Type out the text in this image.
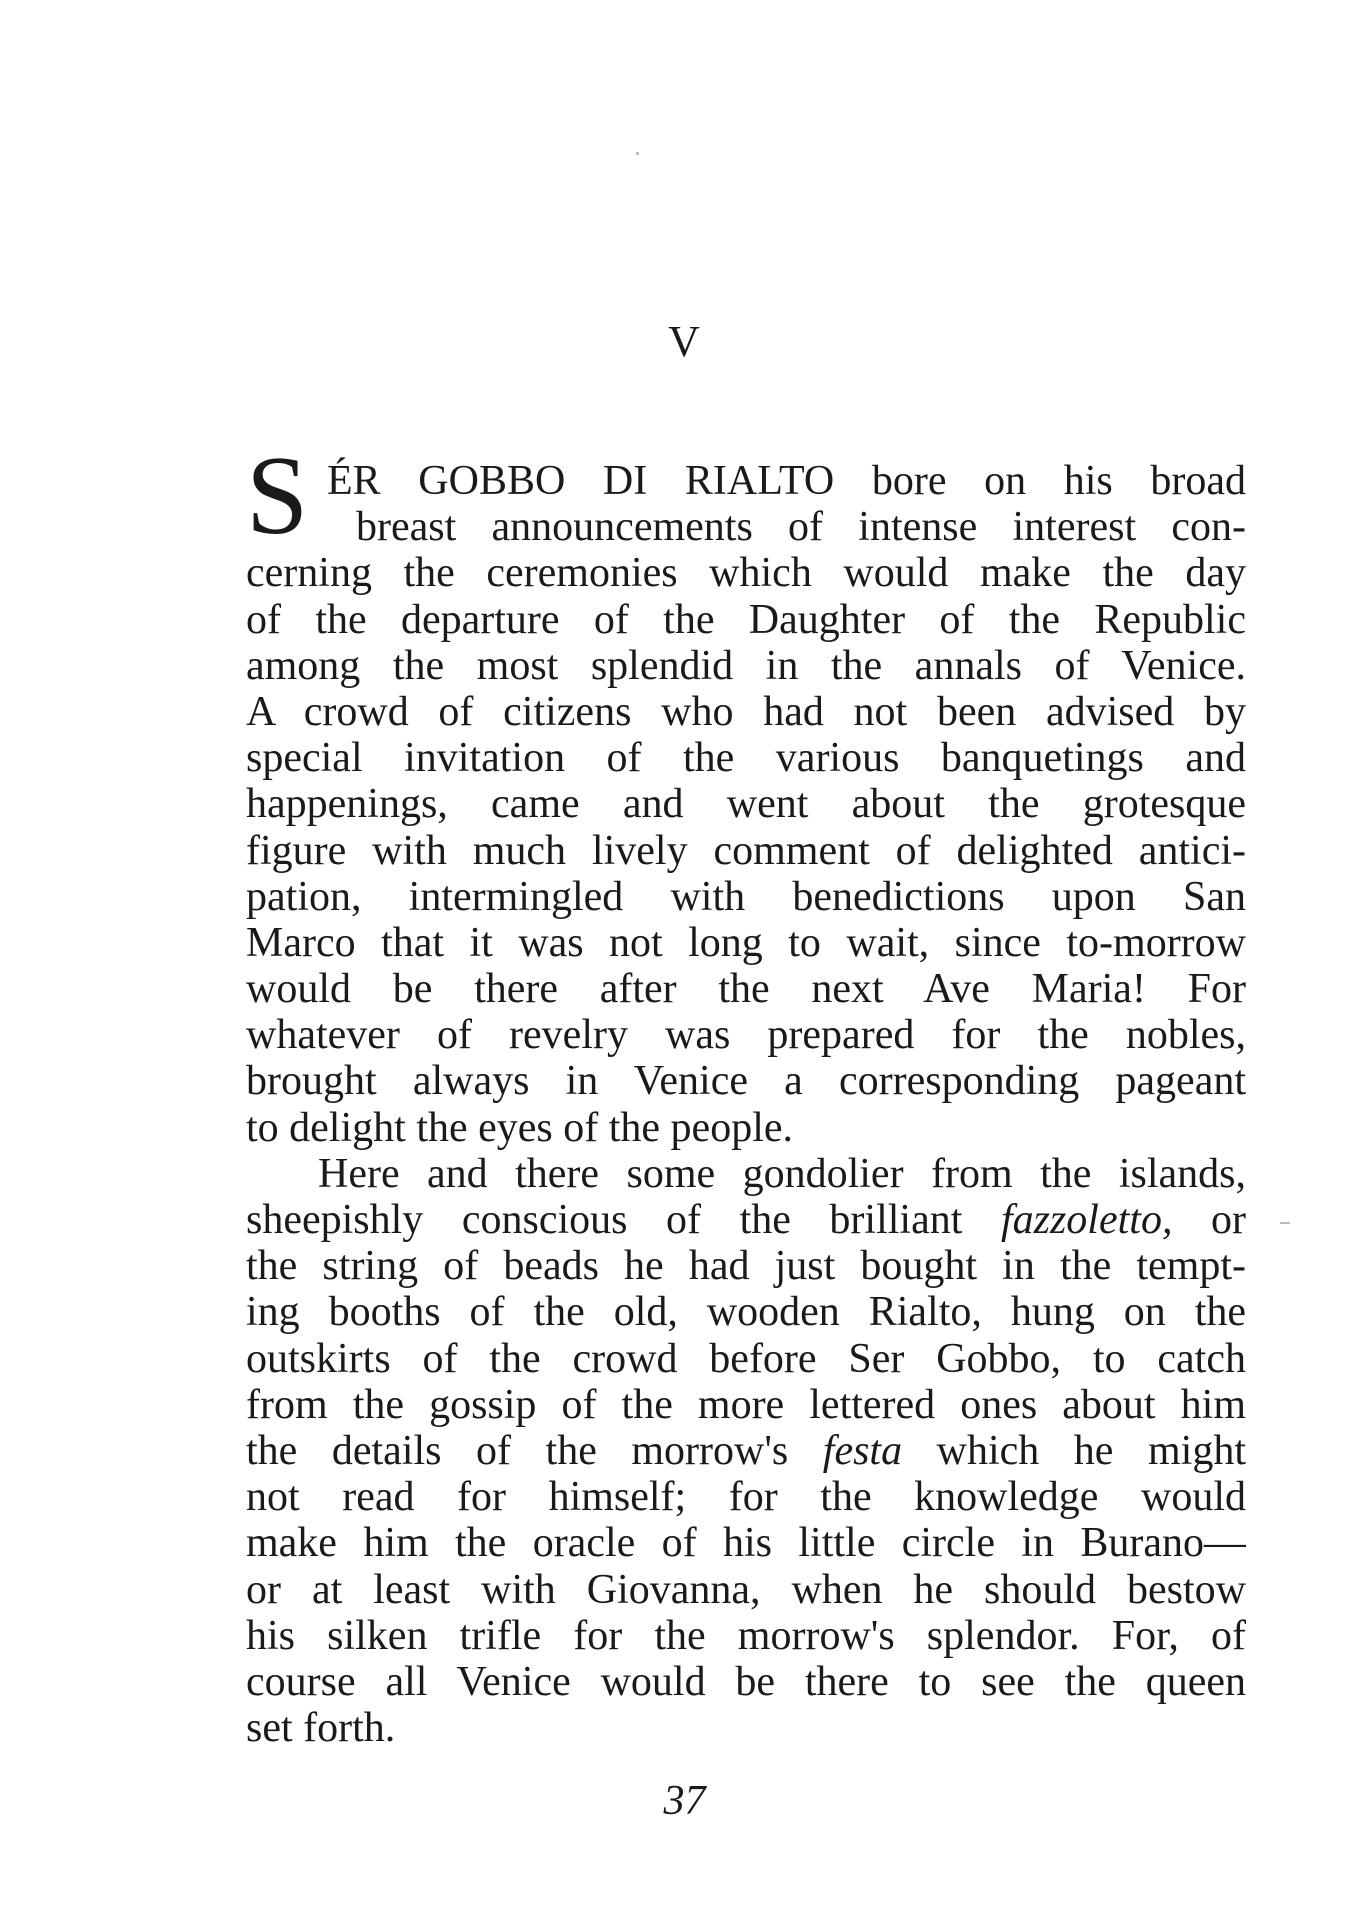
V
S ÉR GOBBO DI RIALTO bore on his broad
breast announcements of intense interest con-
cerning the ceremonies which would make the day
of the departure of the Daughter of the Republic
among the most splendid in the annals of Venice.
A crowd of citizens who had not been advised by
special invitation of the various banquetings and
happenings, came and went about the grotesque
figure with much lively comment of delighted antici-
pation, intermingled with benedictions upon San
Marco that it was not long to wait, since to-morrow
would be there after the next Ave Maria! For
whatever of revelry was prepared for the nobles,
brought always in Venice a corresponding pageant
to delight the eyes of the people.
Here and there some gondolier from the islands,
sheepishly conscious of the brilliant fazzoletto, or
the string of beads he had just bought in the tempt-
ing booths of the old, wooden Rialto, hung on the
outskirts of the crowd before Ser Gobbo, to catch
from the gossip of the more lettered ones about him
the details of the morrow's festa which he might
not read for himself; for the knowledge would
make him the oracle of his little circle in Burano—
or at least with Giovanna, when he should bestow
his silken trifle for the morrow's splendor. For, of
course all Venice would be there to see the queen
set forth.
37
